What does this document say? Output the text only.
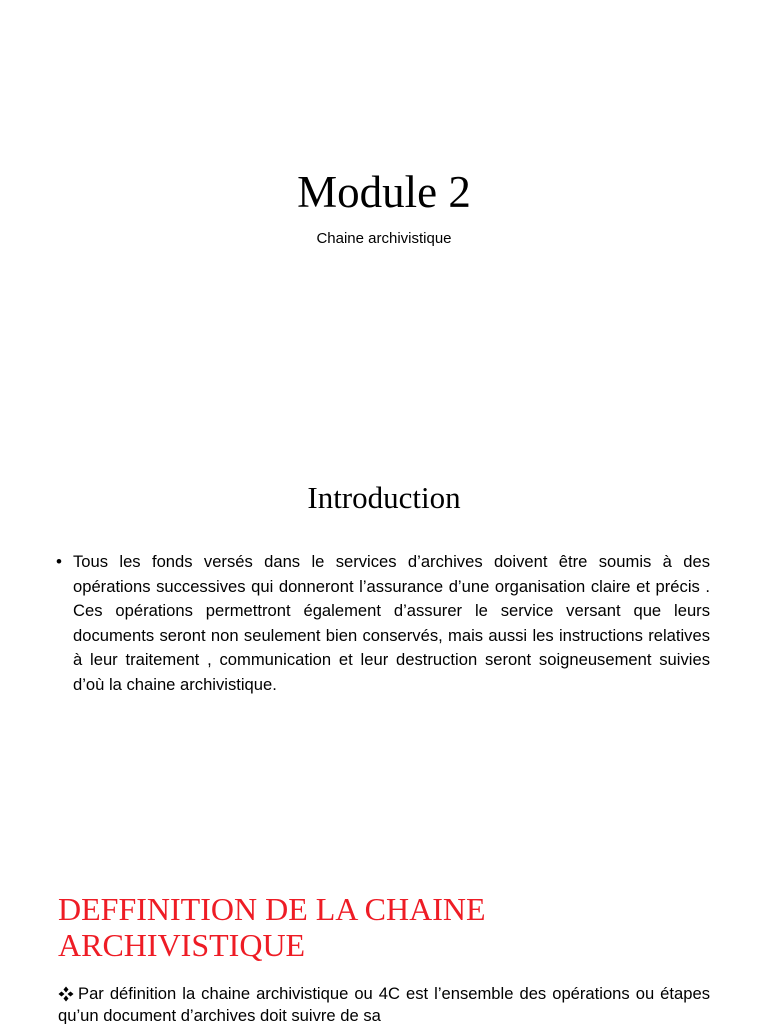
Module 2
Chaine archivistique
Introduction
• Tous les fonds versés dans le services d’archives doivent être soumis à des opérations successives qui donneront l’assurance d’une organisation claire et précis . Ces opérations permettront également d’assurer le service versant que leurs documents seront non seulement bien conservés, mais aussi les instructions relatives à leur traitement , communication et leur destruction seront soigneusement suivies d’où la chaine archivistique.
DEFFINITION DE LA CHAINE
ARCHIVISTIQUE
Par définition la chaine archivistique ou 4C est l’ensemble des opérations ou étapes qu’un document d’archives doit suivre de sa
